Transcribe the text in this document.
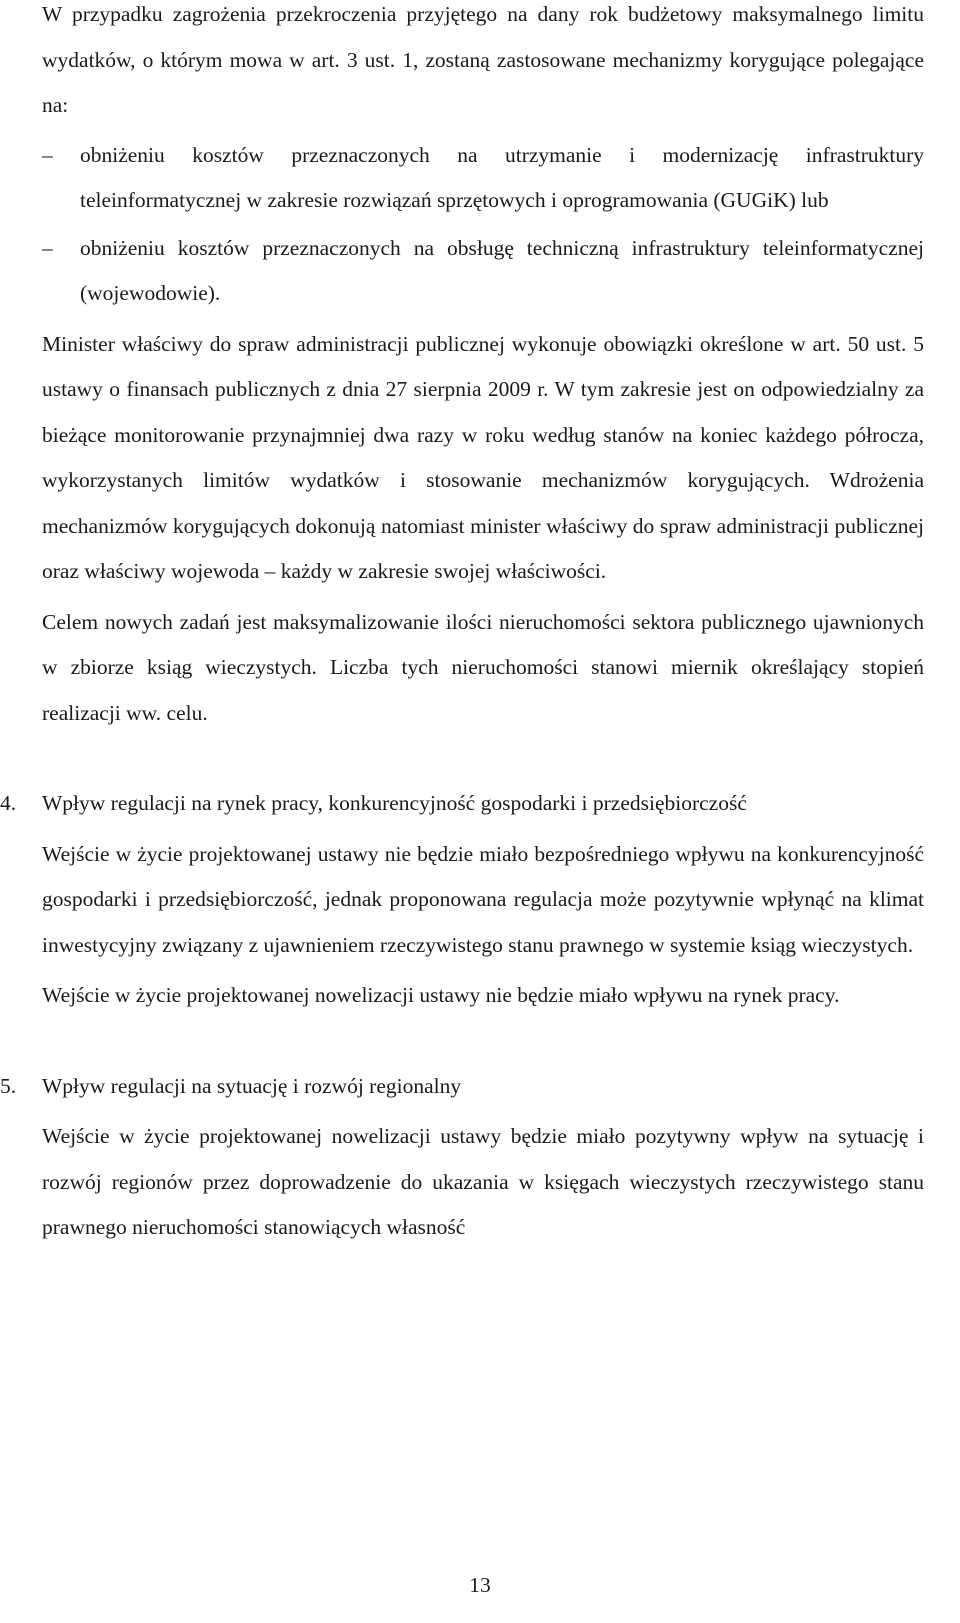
W przypadku zagrożenia przekroczenia przyjętego na dany rok budżetowy maksymalnego limitu wydatków, o którym mowa w art. 3 ust. 1, zostaną zastosowane mechanizmy korygujące polegające na:

–	obniżeniu kosztów przeznaczonych na utrzymanie i modernizację infrastruktury teleinformatycznej w zakresie rozwiązań sprzętowych i oprogramowania (GUGiK) lub
–	obniżeniu kosztów przeznaczonych na obsługę techniczną infrastruktury teleinformatycznej (wojewodowie).

Minister właściwy do spraw administracji publicznej wykonuje obowiązki określone w art. 50 ust. 5 ustawy o finansach publicznych z dnia 27 sierpnia 2009 r. W tym zakresie jest on odpowiedzialny za bieżące monitorowanie przynajmniej dwa razy w roku według stanów na koniec każdego półrocza, wykorzystanych limitów wydatków i stosowanie mechanizmów korygujących. Wdrożenia mechanizmów korygujących dokonują natomiast minister właściwy do spraw administracji publicznej oraz właściwy wojewoda – każdy w zakresie swojej właściwości.

Celem nowych zadań jest maksymalizowanie ilości nieruchomości sektora publicznego ujawnionych w zbiorze ksiąg wieczystych. Liczba tych nieruchomości stanowi miernik określający stopień realizacji ww. celu.

4. Wpływ regulacji na rynek pracy, konkurencyjność gospodarki i przedsiębiorczość

Wejście w życie projektowanej ustawy nie będzie miało bezpośredniego wpływu na konkurencyjność gospodarki i przedsiębiorczość, jednak proponowana regulacja może pozytywnie wpłynąć na klimat inwestycyjny związany z ujawnieniem rzeczywistego stanu prawnego w systemie ksiąg wieczystych.

Wejście w życie projektowanej nowelizacji ustawy nie będzie miało wpływu na rynek pracy.

5. Wpływ regulacji na sytuację i rozwój regionalny

Wejście w życie projektowanej nowelizacji ustawy będzie miało pozytywny wpływ na sytuację i rozwój regionów przez doprowadzenie do ukazania w księgach wieczystych rzeczywistego stanu prawnego nieruchomości stanowiących własność

13
